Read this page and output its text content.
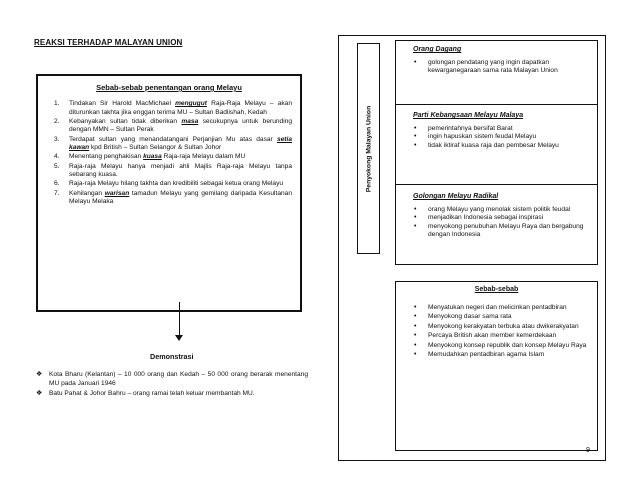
REAKSI TERHADAP MALAYAN UNION
Sebab-sebab penentangan orang Melayu
1. Tindakan Sir Harold MacMichael mengugut Raja-Raja Melayu – akan diturunkan takhta jika enggan terima MU – Sultan Badlishah, Kedah
2. Kebanyakan sultan tidak diberikan masa secukupnya untuk berunding dengan MMN – Sultan Perak
3. Terdapat sultan yang menandatangani Perjanjian Mu atas dasar setia kawan kpd British – Sultan Selangor & Sultan Johor
4. Menentang penghakisan kuasa Raja-raja Melayu dalam MU
5. Raja-raja Melayu hanya menjadi ahli Majlis Raja-raja Melayu tanpa sebarang kuasa.
6. Raja-raja Melayu hilang takhta dan kredibiliti sebagai ketua orang Melayu
7. Kehilangan warisan tamadun Melayu yang gemilang daripada Kesultanan Melayu Melaka
Demonstrasi
❖ Kota Bharu (Kelantan) – 10 000 orang dan Kedah – 50 000 orang berarak menentang MU pada Januari 1946
❖ Batu Pahat & Johor Bahru – orang ramai telah keluar membantah MU.
Penyokong Malayan Union
Orang Dagang
• golongan pendatang yang ingin dapatkan kewarganegaraan sama rata Malayan Union
Parti Kebangsaan Melayu Malaya
• pemerintahnya bersifat Barat
• ingin hapuskan sistem feudal Melayu
• tidak iktiraf kuasa raja dan pembesar Melayu
Golongan Melayu Radikal
• orang Melayu yang menolak sistem politik feudal
• menjadikan Indonesia sebagai inspirasi
• menyokong penubuhan Melayu Raya dan bergabung dengan Indonesia
Sebab-sebab
• Menyatukan negeri dan melicinkan pentadbiran
• Menyokong dasar sama rata
• Menyokong kerakyatan terbuka atau dwikerakyatan
• Percaya British akan member kemerdekaan
• Menyokong konsep republik dan konsep Melayu Raya
• Memudahkan pentadbiran agama Islam
9
